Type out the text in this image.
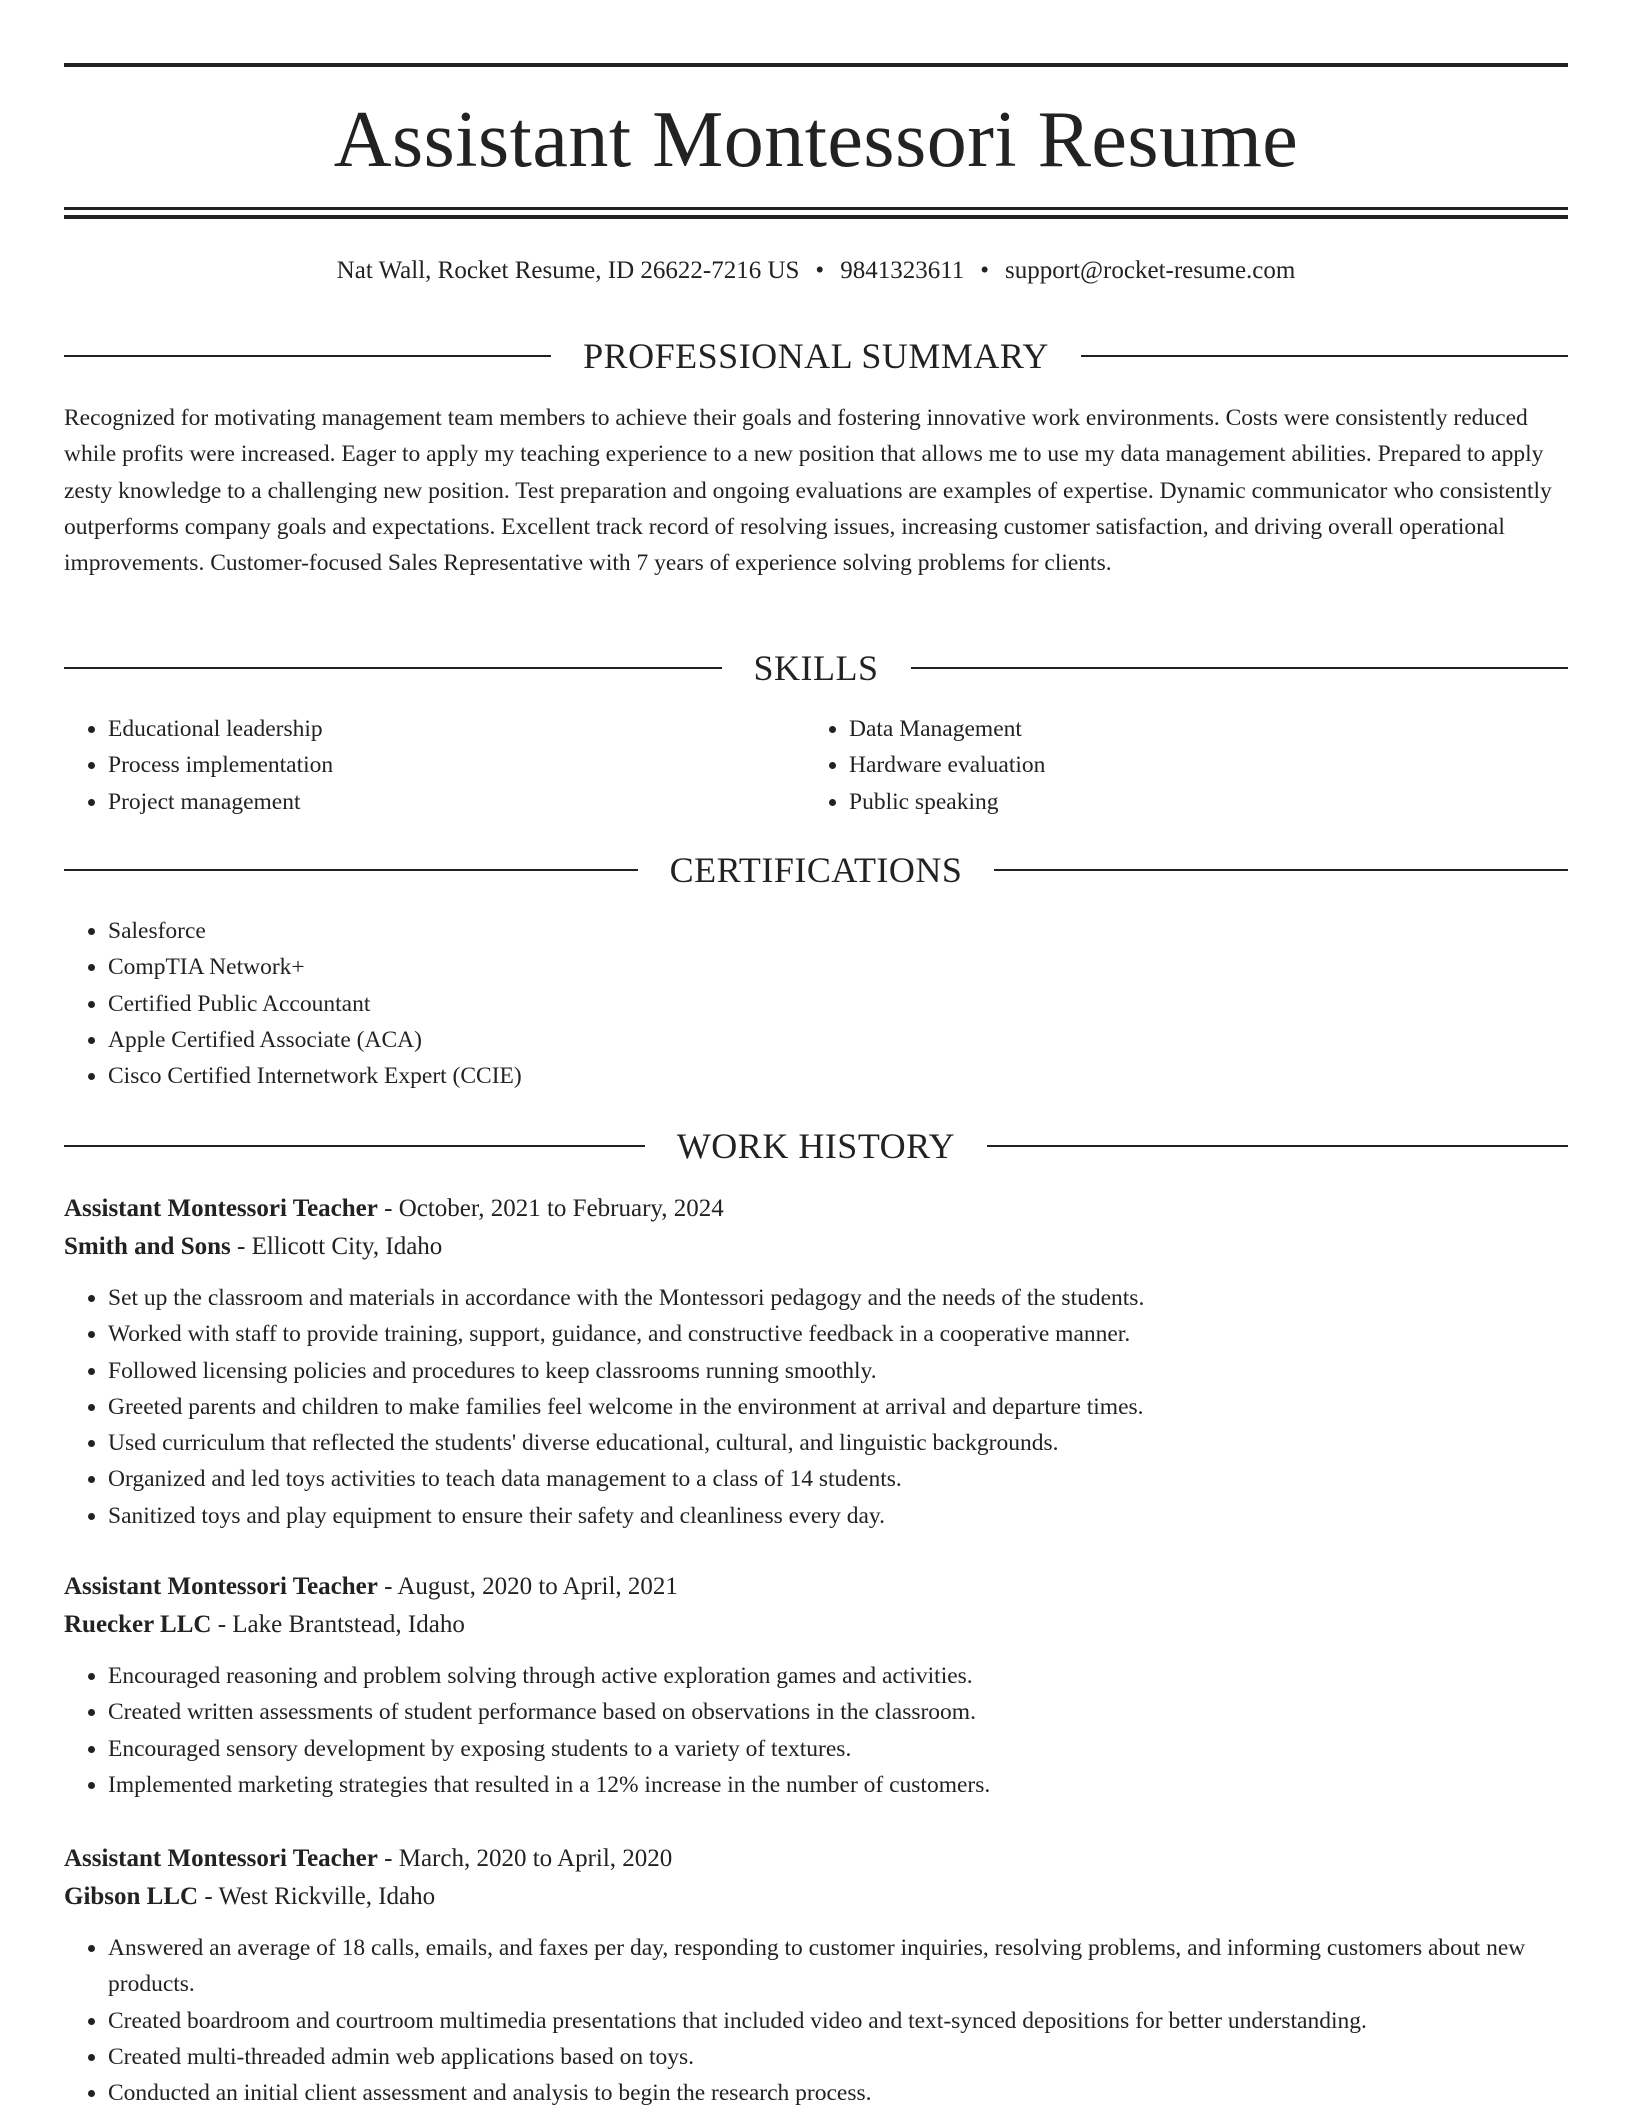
Assistant Montessori Resume
Nat Wall, Rocket Resume, ID 26622-7216 US • 9841323611 • support@rocket-resume.com
PROFESSIONAL SUMMARY

Recognized for motivating management team members to achieve their goals and fostering innovative work environments. Costs were consistently reduced while profits were increased. Eager to apply my teaching experience to a new position that allows me to use my data management abilities. Prepared to apply zesty knowledge to a challenging new position. Test preparation and ongoing evaluations are examples of expertise. Dynamic communicator who consistently outperforms company goals and expectations. Excellent track record of resolving issues, increasing customer satisfaction, and driving overall operational improvements. Customer-focused Sales Representative with 7 years of experience solving problems for clients.

SKILLS
• Educational leadership
• Process implementation
• Project management
• Data Management
• Hardware evaluation
• Public speaking
CERTIFICATIONS
• Salesforce
• CompTIA Network+
• Certified Public Accountant
• Apple Certified Associate (ACA)
• Cisco Certified Internetwork Expert (CCIE)
WORK HISTORY

Assistant Montessori Teacher - October, 2021 to February, 2024

Smith and Sons - Ellicott City, Idaho

• Set up the classroom and materials in accordance with the Montessori pedagogy and the needs of the students.
• Worked with staff to provide training, support, guidance, and constructive feedback in a cooperative manner.
• Followed licensing policies and procedures to keep classrooms running smoothly.
• Greeted parents and children to make families feel welcome in the environment at arrival and departure times.
• Used curriculum that reflected the students' diverse educational, cultural, and linguistic backgrounds.
• Organized and led toys activities to teach data management to a class of 14 students.
• Sanitized toys and play equipment to ensure their safety and cleanliness every day.

Assistant Montessori Teacher - August, 2020 to April, 2021

Ruecker LLC - Lake Brantstead, Idaho

• Encouraged reasoning and problem solving through active exploration games and activities.
• Created written assessments of student performance based on observations in the classroom.
• Encouraged sensory development by exposing students to a variety of textures.
• Implemented marketing strategies that resulted in a 12% increase in the number of customers.

Assistant Montessori Teacher - March, 2020 to April, 2020

Gibson LLC - West Rickville, Idaho

• Answered an average of 18 calls, emails, and faxes per day, responding to customer inquiries, resolving problems, and informing customers about new products.
• Created boardroom and courtroom multimedia presentations that included video and text-synced depositions for better understanding.
• Created multi-threaded admin web applications based on toys.
• Conducted an initial client assessment and analysis to begin the research process.
